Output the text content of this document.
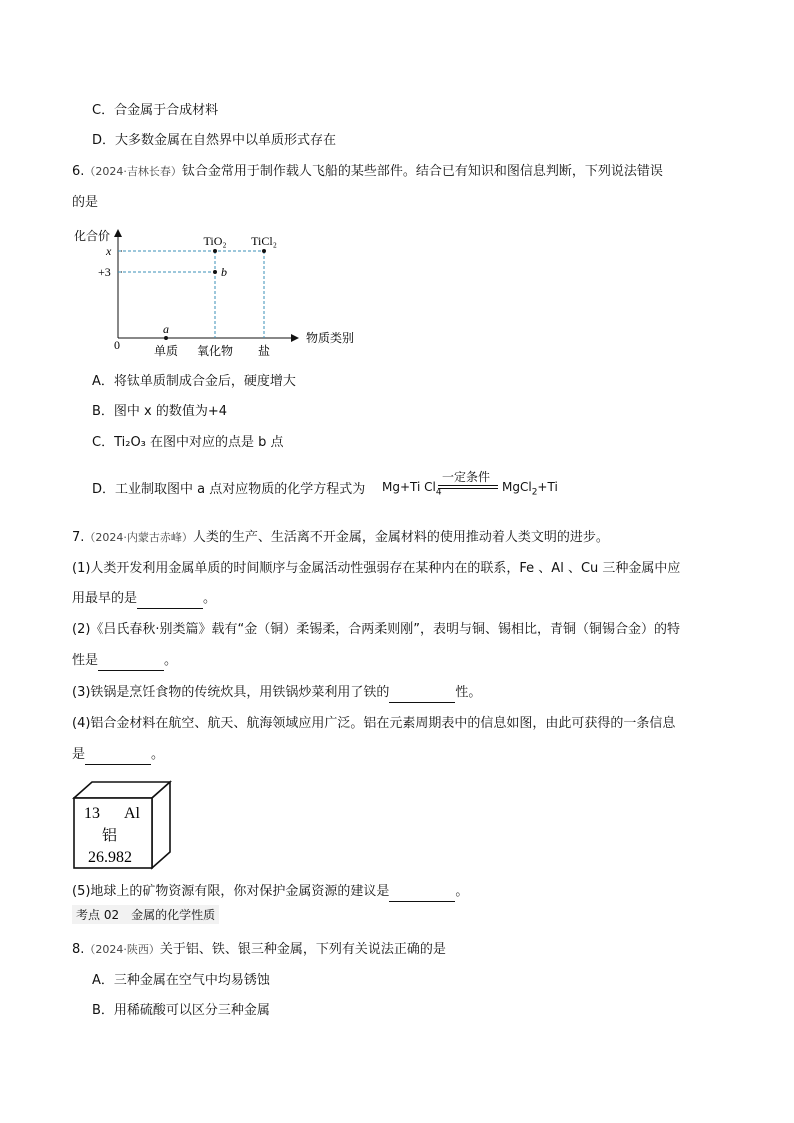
C．合金属于合成材料
D．大多数金属在自然界中以单质形式存在
6.（2024·吉林长春）钛合金常用于制作载人飞船的某些部件。结合已有知识和图信息判断，下列说法错误
的是
化合价
物质类别
0
x
+3
单质 氧化物 盐
a
b
TiO₂ TiCl₂
A．将钛单质制成合金后，硬度增大
B．图中 x 的数值为+4
C．Ti₂O₃ 在图中对应的点是 b 点
D．工业制取图中 a 点对应物质的化学方程式为 Mg+Ti $Cl_4$
一定条件
MgCl$_2$+Ti
7.（2024·内蒙古赤峰）人类的生产、生活离不开金属，金属材料的使用推动着人类文明的进步。
(1)人类开发利用金属单质的时间顺序与金属活动性强弱存在某种内在的联系，Fe 、Al 、Cu 三种金属中应
用最早的是	。
(2)《吕氏春秋·别类篇》载有“金（铜）柔锡柔，合两柔则刚”，表明与铜、锡相比，青铜（铜锡合金）的特
性是	。
(3)铁锅是烹饪食物的传统炊具，用铁锅炒菜利用了铁的	性。
(4)铝合金材料在航空、航天、航海领域应用广泛。铝在元素周期表中的信息如图，由此可获得的一条信息
是	。
13 Al
铝
26.982
(5)地球上的矿物资源有限，你对保护金属资源的建议是	。
考点 02　金属的化学性质
8.（2024·陕西）关于铝、铁、银三种金属，下列有关说法正确的是
A．三种金属在空气中均易锈蚀
B．用稀硫酸可以区分三种金属
